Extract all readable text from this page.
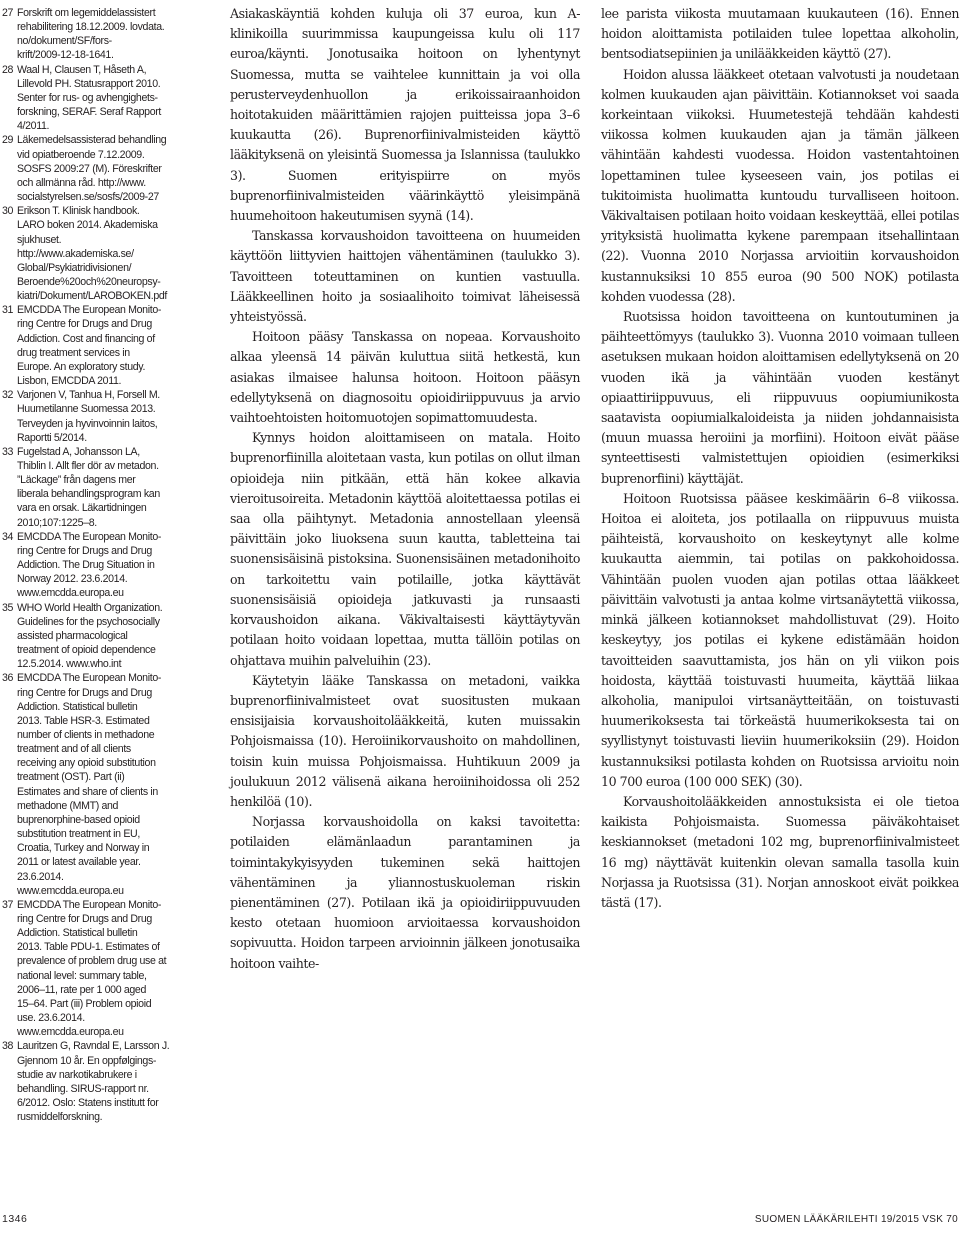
27 Forskrift om legemiddelassistert
rehabilitering 18.12.2009. lovdata.
no/dokument/SF/fors-
krift/2009-12-18-1641.
28 Waal H, Clausen T, Håseth A,
Lillevold PH. Statusrapport 2010.
Senter for rus- og avhengighets-
forskning, SERAF. Seraf Rapport
4/2011.
29 Läkemedelsassisterad behandling
vid opiatberoende 7.12.2009.
SOSFS 2009:27 (M). Föreskrifter
och allmänna råd. http://www.
socialstyrelsen.se/sosfs/2009-27
30 Erikson T. Klinisk handbook.
LARO boken 2014. Akademiska
sjukhuset.
http://www.akademiska.se/
Global/Psykiatridivisionen/
Beroende%20och%20neuropsy-
kiatri/Dokument/LAROBOKEN.pdf
31 EMCDDA The European Monito-
ring Centre for Drugs and Drug
Addiction. Cost and financing of
drug treatment services in
Europe. An exploratory study.
Lisbon, EMCDDA 2011.
32 Varjonen V, Tanhua H, Forsell M.
Huumetilanne Suomessa 2013.
Terveyden ja hyvinvoinnin laitos,
Raportti 5/2014.
33 Fugelstad A, Johansson LA,
Thiblin I. Allt fler dör av metadon.
”Läckage” från dagens mer
liberala behandlingsprogram kan
vara en orsak. Läkartidningen
2010;107:1225–8.
34 EMCDDA The European Monito-
ring Centre for Drugs and Drug
Addiction. The Drug Situation in
Norway 2012. 23.6.2014.
www.emcdda.europa.eu
35 WHO World Health Organization.
Guidelines for the psychosocially
assisted pharmacological
treatment of opioid dependence
12.5.2014. www.who.int
36 EMCDDA The European Monito-
ring Centre for Drugs and Drug
Addiction. Statistical bulletin
2013. Table HSR-3. Estimated
number of clients in methadone
treatment and of all clients
receiving any opioid substitution
treatment (OST). Part (ii)
Estimates and share of clients in
methadone (MMT) and
buprenorphine-based opioid
substitution treatment in EU,
Croatia, Turkey and Norway in
2011 or latest available year.
23.6.2014.
www.emcdda.europa.eu
37 EMCDDA The European Monito-
ring Centre for Drugs and Drug
Addiction. Statistical bulletin
2013. Table PDU-1. Estimates of
prevalence of problem drug use at
national level: summary table,
2006–11, rate per 1 000 aged
15–64. Part (iii) Problem opioid
use. 23.6.2014.
www.emcdda.europa.eu
38 Lauritzen G, Ravndal E, Larsson J.
Gjennom 10 år. En oppfølgings-
studie av narkotikabrukere i
behandling. SIRUS-rapport nr.
6/2012. Oslo: Statens institutt for
rusmiddelforskning.

Asiakaskäyntiä kohden kuluja oli 37 euroa, kun A-klinikoilla suurimmissa kaupungeissa kulu oli 117 euroa/käynti. Jonotusaika hoitoon on lyhentynyt Suomessa, mutta se vaihtelee kunnittain ja voi olla perusterveydenhuollon ja erikoissairaanhoidon hoitotakuiden määrittämien rajojen puitteissa jopa 3–6 kuukautta (26). Buprenorfiinivalmisteiden käyttö lääkityksenä on yleisintä Suomessa ja Islannissa (taulukko 3). Suomen erityispiirre on myös buprenorfiinivalmisteiden väärinkäyttö yleisimpänä huumehoitoon hakeutumisen syynä (14).

Tanskassa korvaushoidon tavoitteena on huumeiden käyttöön liittyvien haittojen vähentäminen (taulukko 3). Tavoitteen toteuttaminen on kuntien vastuulla. Lääkkeellinen hoito ja sosiaalihoito toimivat läheisessä yhteistyössä.

Hoitoon pääsy Tanskassa on nopeaa. Korvaushoito alkaa yleensä 14 päivän kuluttua siitä hetkestä, kun asiakas ilmaisee halunsa hoitoon. Hoitoon pääsyn edellytyksenä on diagnosoitu opioidiriippuvuus ja arvio vaihtoehtoisten hoitomuotojen sopimattomuudesta.

Kynnys hoidon aloittamiseen on matala. Hoito buprenorfiinilla aloitetaan vasta, kun potilas on ollut ilman opioideja niin pitkään, että hän kokee alkavia vieroitusoireita. Metadonin käyttöä aloitettaessa potilas ei saa olla päihtynyt. Metadonia annostellaan yleensä päivittäin joko liuoksena suun kautta, tabletteina tai suonensisäisinä pistoksina. Suonensisäinen metadonihoito on tarkoitettu vain potilaille, jotka käyttävät suonensisäisiä opioideja jatkuvasti ja runsaasti korvaushoidon aikana. Väkivaltaisesti käyttäytyvän potilaan hoito voidaan lopettaa, mutta tällöin potilas on ohjattava muihin palveluihin (23).

Käytetyin lääke Tanskassa on metadoni, vaikka buprenorfiinivalmisteet ovat suositusten mukaan ensisijaisia korvaushoitolääkkeitä, kuten muissakin Pohjoismaissa (10). Heroiinikorvaushoito on mahdollinen, toisin kuin muissa Pohjoismaissa. Huhtikuun 2009 ja joulukuun 2012 välisenä aikana heroiinihoidossa oli 252 henkilöä (10).

Norjassa korvaushoidolla on kaksi tavoitetta: potilaiden elämänlaadun parantaminen ja toimintakykyisyyden tukeminen sekä haittojen vähentäminen ja yliannostuskuoleman riskin pienentäminen (27). Potilaan ikä ja opioidiriippuvuuden kesto otetaan huomioon arvioitaessa korvaushoidon sopivuutta. Hoidon tarpeen arvioinnin jälkeen jonotusaika hoitoon vaihte-

lee parista viikosta muutamaan kuukauteen (16). Ennen hoidon aloittamista potilaiden tulee lopettaa alkoholin, bentsodiatsepiinien ja unilääkkeiden käyttö (27).

Hoidon alussa lääkkeet otetaan valvotusti ja noudetaan kolmen kuukauden ajan päivittäin. Kotiannokset voi saada korkeintaan viikoksi. Huumetestejä tehdään kahdesti viikossa kolmen kuukauden ajan ja tämän jälkeen vähintään kahdesti vuodessa. Hoidon vastentahtoinen lopettaminen tulee kyseeseen vain, jos potilas ei tukitoimista huolimatta kuntoudu turvalliseen hoitoon. Väkivaltaisen potilaan hoito voidaan keskeyttää, ellei potilas yrityksistä huolimatta kykene parempaan itsehallintaan (22). Vuonna 2010 Norjassa arvioitiin korvaushoidon kustannuksiksi 10 855 euroa (90 500 NOK) potilasta kohden vuodessa (28).

Ruotsissa hoidon tavoitteena on kuntoutuminen ja päihteettömyys (taulukko 3). Vuonna 2010 voimaan tulleen asetuksen mukaan hoidon aloittamisen edellytyksenä on 20 vuoden ikä ja vähintään vuoden kestänyt opiaattiriippuvuus, eli riippuvuus oopiumiunikosta saatavista oopiumialkaloideista ja niiden johdannaisista (muun muassa heroiini ja morfiini). Hoitoon eivät pääse synteettisesti valmistettujen opioidien (esimerkiksi buprenorfiini) käyttäjät.

Hoitoon Ruotsissa pääsee keskimäärin 6–8 viikossa. Hoitoa ei aloiteta, jos potilaalla on riippuvuus muista päihteistä, korvaushoito on keskeytynyt alle kolme kuukautta aiemmin, tai potilas on pakkohoidossa. Vähintään puolen vuoden ajan potilas ottaa lääkkeet päivittäin valvotusti ja antaa kolme virtsanäytettä viikossa, minkä jälkeen kotiannokset mahdollistuvat (29). Hoito keskeytyy, jos potilas ei kykene edistämään hoidon tavoitteiden saavuttamista, jos hän on yli viikon pois hoidosta, käyttää toistuvasti huumeita, käyttää liikaa alkoholia, manipuloi virtsanäytteitään, on toistuvasti huumerikoksesta tai törkeästä huumerikoksesta tai on syyllistynyt toistuvasti lieviin huumerikoksiin (29). Hoidon kustannuksiksi potilasta kohden on Ruotsissa arvioitu noin 10 700 euroa (100 000 SEK) (30).

Korvaushoitolääkkeiden annostuksista ei ole tietoa kaikista Pohjoismaista. Suomessa päiväkohtaiset keskiannokset (metadoni 102 mg, buprenorfiinivalmisteet 16 mg) näyttävät kuitenkin olevan samalla tasolla kuin Norjassa ja Ruotsissa (31). Norjan annoskoot eivät poikkea tästä (17).

1346	SUOMEN LÄÄKÄRILEHTI 19/2015 VSK 70
